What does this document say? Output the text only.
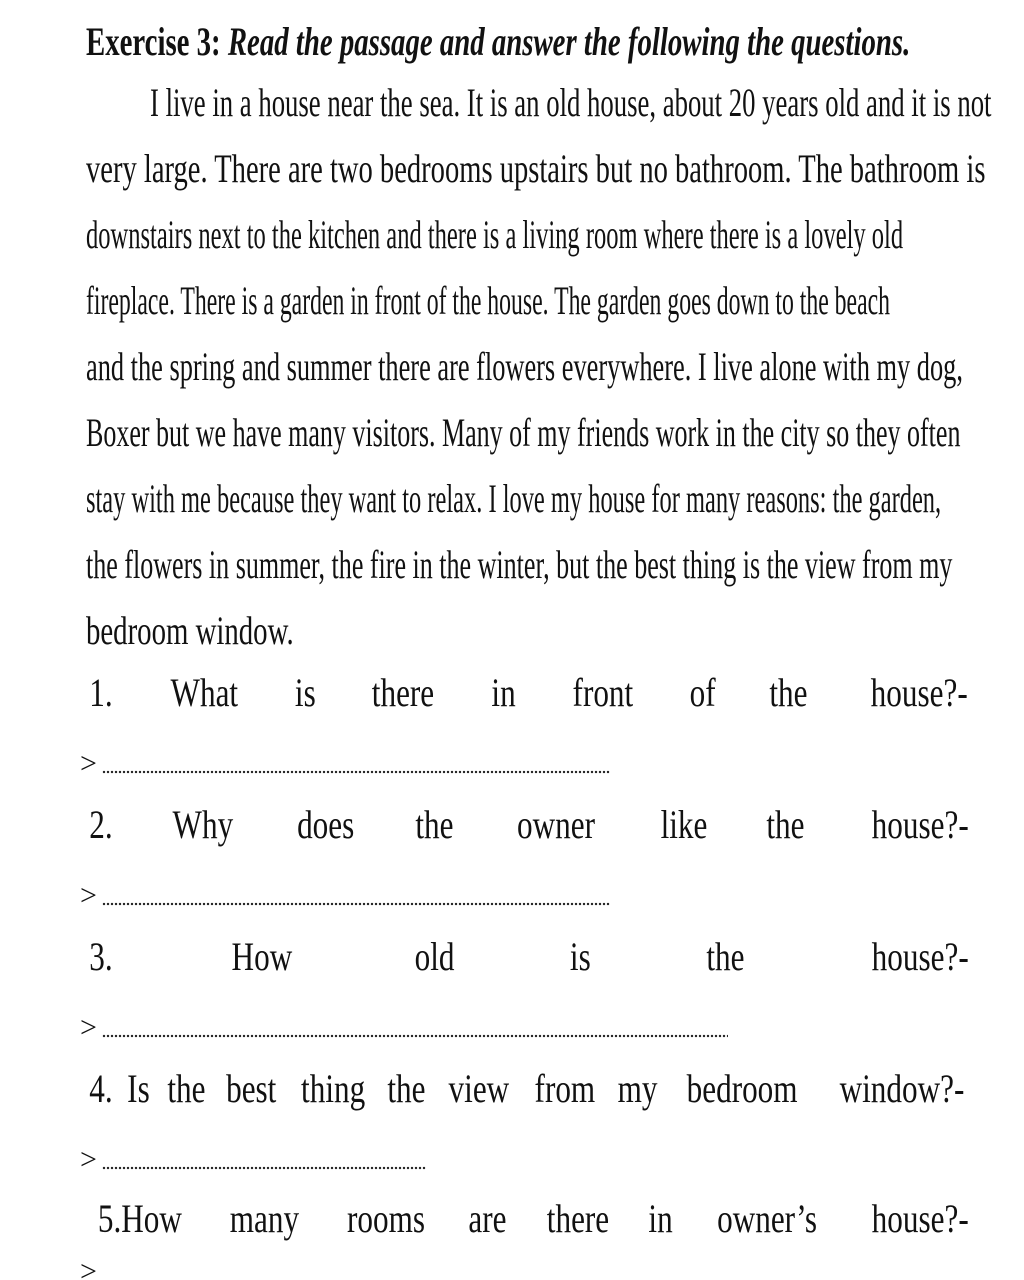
Exercise 3: Read the passage and answer the following the questions.
I live in a house near the sea. It is an old house, about 20 years old and it is not
very large. There are two bedrooms upstairs but no bathroom. The bathroom is
downstairs next to the kitchen and there is a living room where there is a lovely old
fireplace. There is a garden in front of the house. The garden goes down to the beach
and the spring and summer there are flowers everywhere. I live alone with my dog,
Boxer but we have many visitors. Many of my friends work in the city so they often
stay with me because they want to relax. I love my house for many reasons: the garden,
the flowers in summer, the fire in the winter, but the best thing is the view from my
bedroom window.
1. What is there in front of the house?-
>
2. Why does the owner like the house?-
>
3.	How	old	is	the	house?-
>
4. Is the best thing the view from my bedroom window?-
>
5.How many rooms are there in owner’s house?-
>
